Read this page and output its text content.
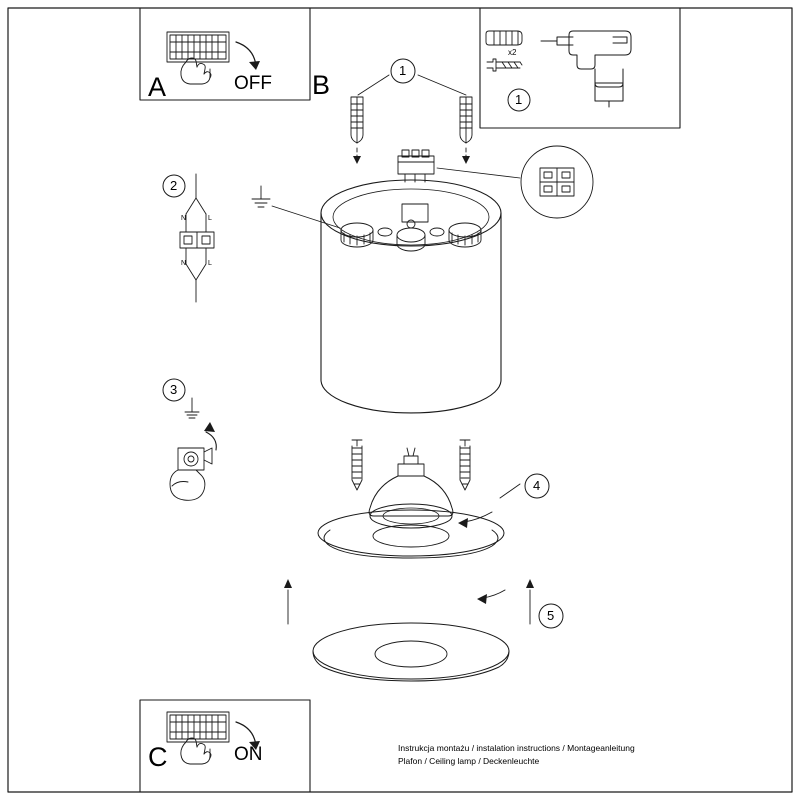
A	OFF B
C	ON
1
1
x2
2
3
4
5
N	L
N	L
Instrukcja montażu / instalation instructions / Montageanleitung
Plafon / Ceiling lamp / Deckenleuchte
